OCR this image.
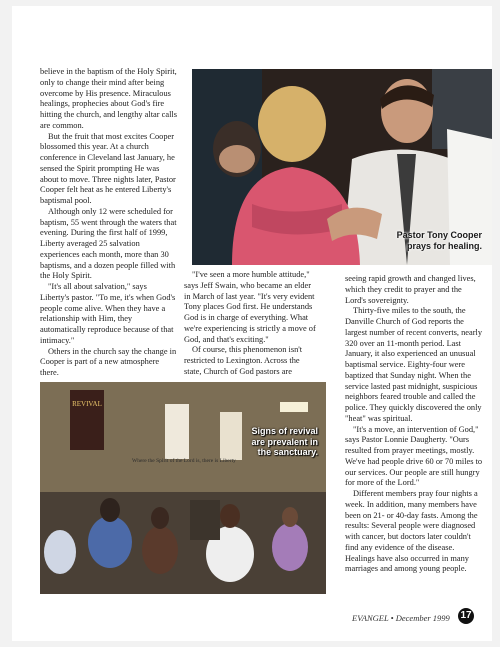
believe in the baptism of the Holy Spirit, only to change their mind after being overcome by His presence. Miraculous healings, prophecies about God's fire hitting the church, and lengthy altar calls are common.

But the fruit that most excites Cooper blossomed this year. At a church conference in Cleveland last January, he sensed the Spirit prompting He was about to move. Three nights later, Pastor Cooper felt heat as he entered Liberty's baptismal pool.

Although only 12 were scheduled for baptism, 55 went through the waters that evening. During the first half of 1999, Liberty averaged 25 salvation experiences each month, more than 30 baptisms, and a dozen people filled with the Holy Spirit.

"It's all about salvation," says Liberty's pastor. "To me, it's when God's people come alive. When they have a relationship with Him, they automatically reproduce because of that intimacy."

Others in the church say the change in Cooper is part of a new atmosphere there.

Pastor Tony Cooper prays for healing.

"I've seen a more humble attitude," says Jeff Swain, who became an elder in March of last year. "It's very evident Tony places God first. He understands God is in charge of everything. What we're experiencing is strictly a move of God, and that's exciting."

Of course, this phenomenon isn't restricted to Lexington. Across the state, Church of God pastors are

seeing rapid growth and changed lives, which they credit to prayer and the Lord's sovereignty.

Thirty-five miles to the south, the Danville Church of God reports the largest number of recent converts, nearly 320 over an 11-month period. Last January, it also experienced an unusual baptismal service. Eighty-four were baptized that Sunday night. When the service lasted past midnight, suspicious neighbors feared trouble and called the police. They quickly discovered the only "heat" was spiritual.

"It's a move, an intervention of God," says Pastor Lonnie Daugherty. "Ours resulted from prayer meetings, mostly. We've had people drive 60 or 70 miles to our services. Our people are still hungry for more of the Lord."

Different members pray four nights a week. In addition, many members have been on 21- or 40-day fasts. Among the results: Several people were diagnosed with cancer, but doctors later couldn't find any evidence of the disease. Healings have also occurred in many marriages and among young people.

REVIVAL
Where the Spirit of the Lord is, there is Liberty
Signs of revival are prevalent in the sanctuary.
EVANGEL • December 1999 17
